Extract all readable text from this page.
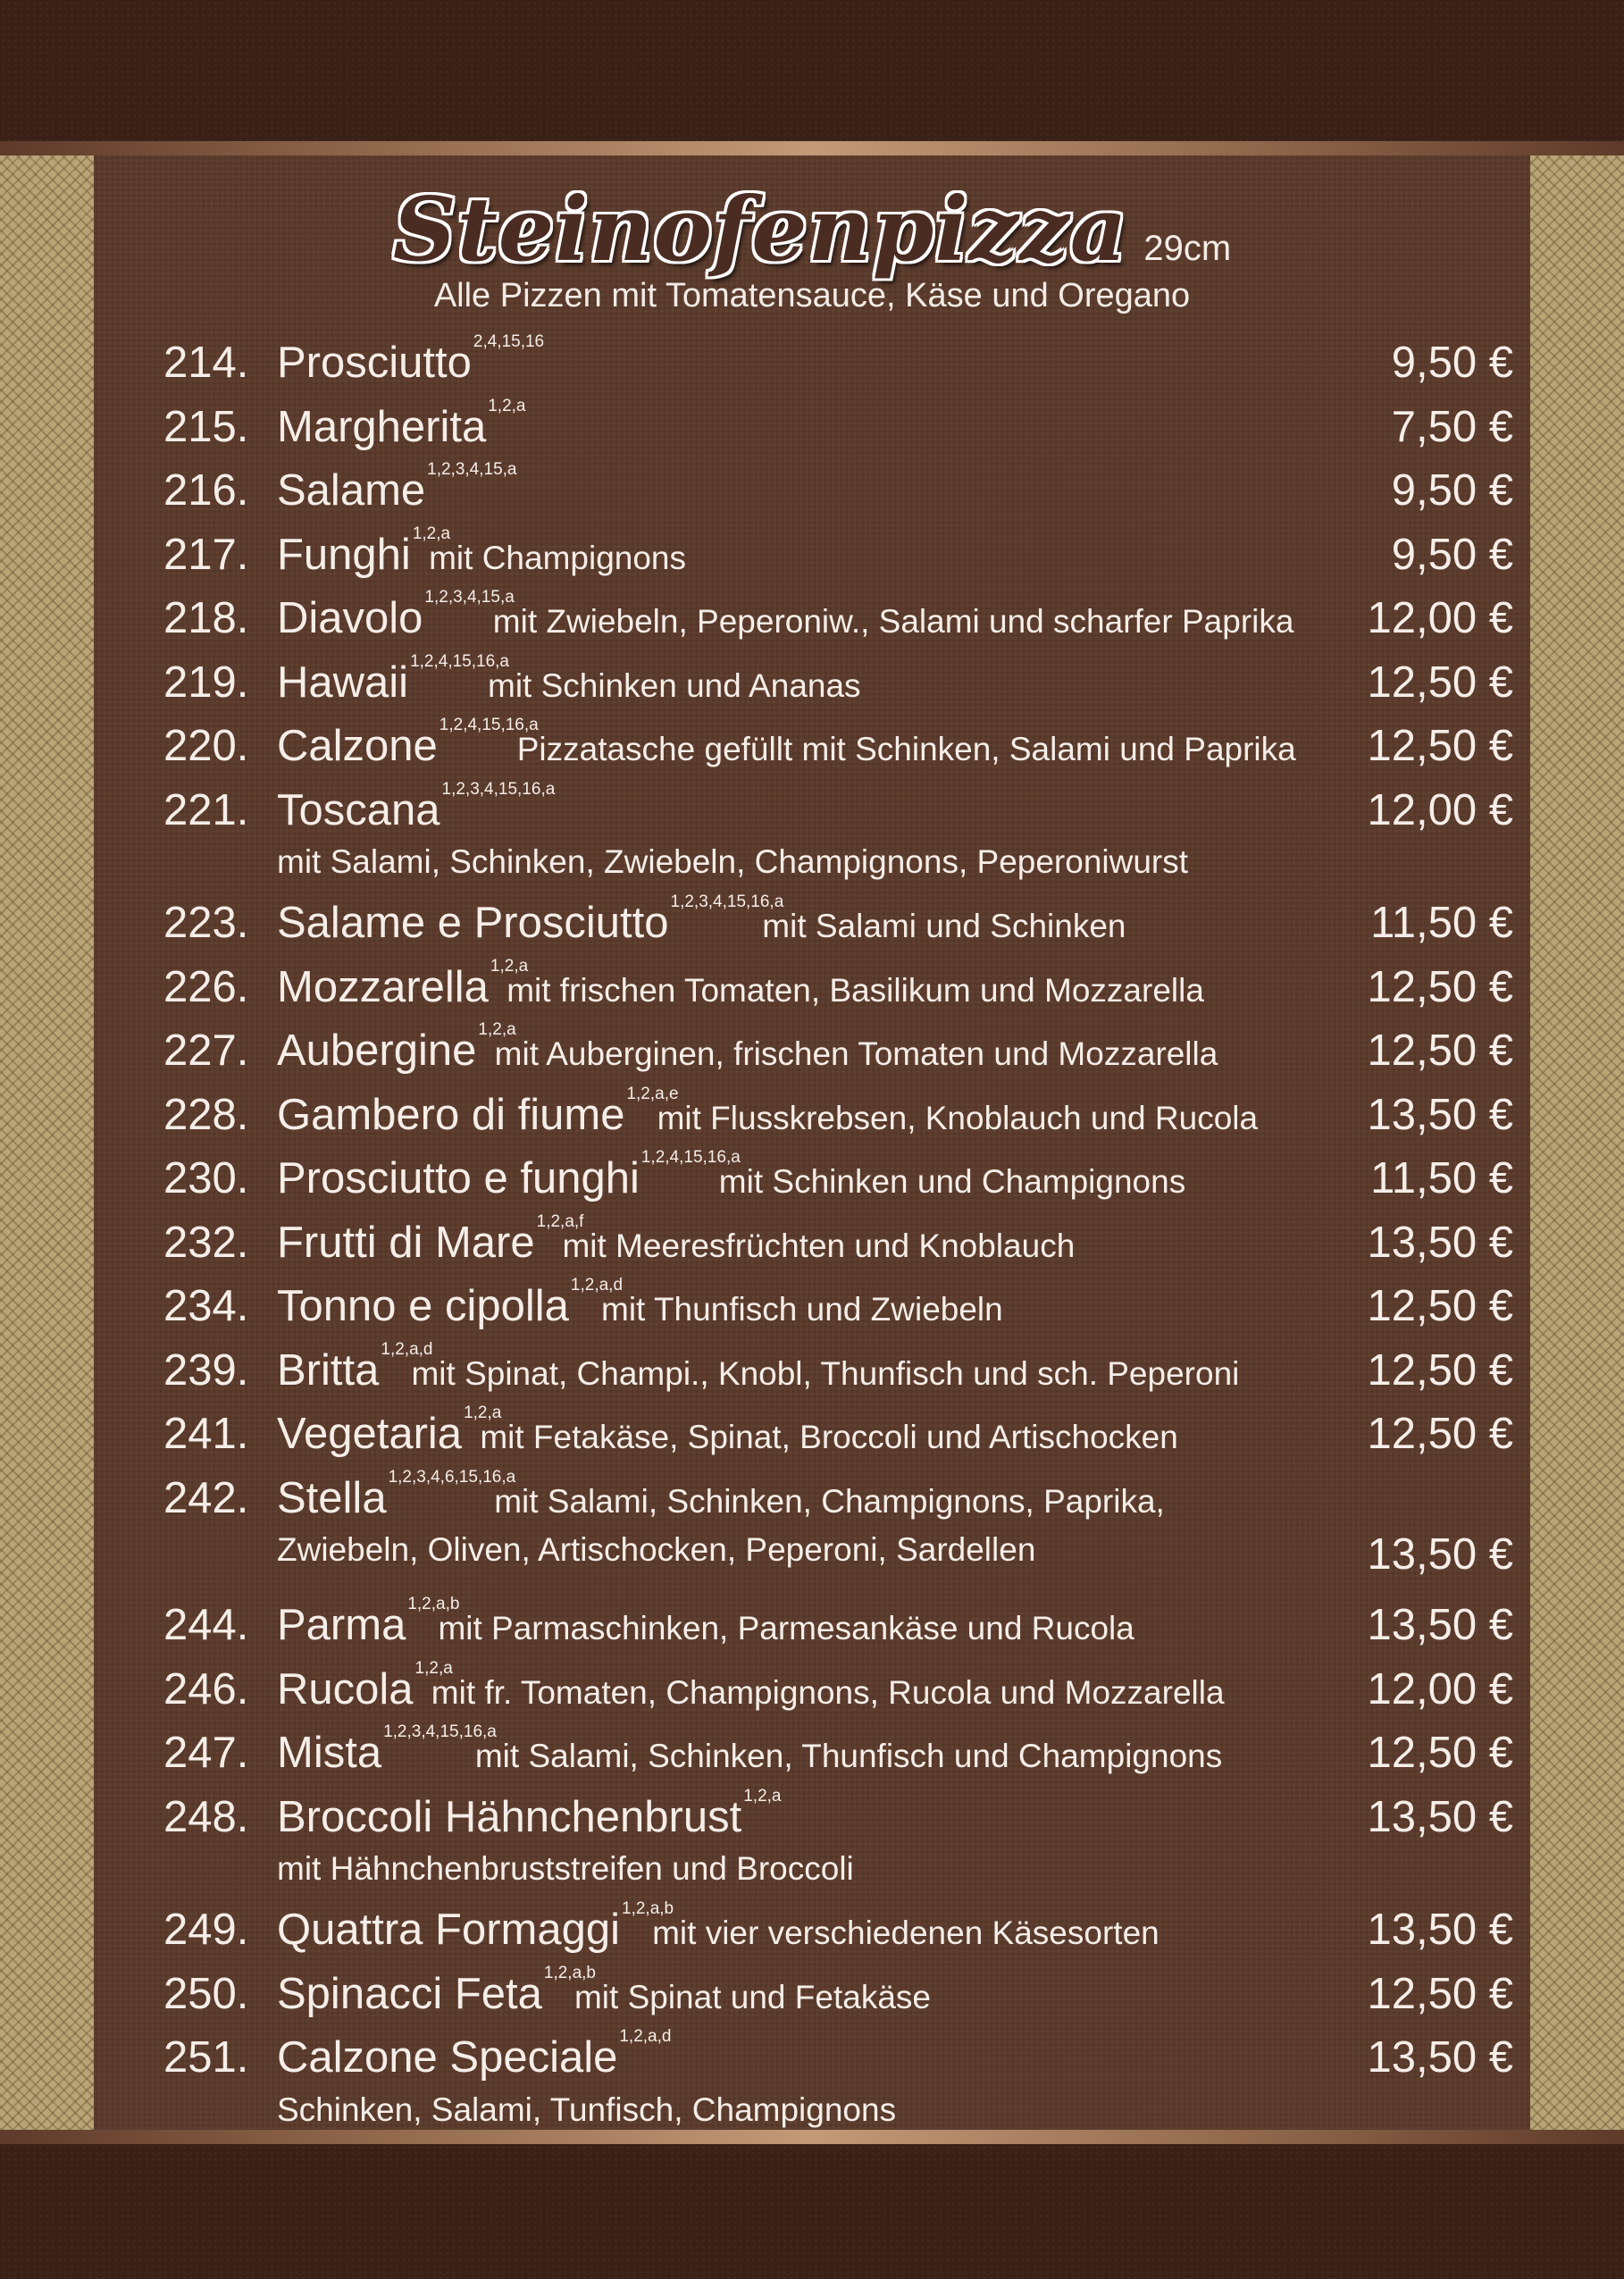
Steinofenpizza 29cm
Alle Pizzen mit Tomatensauce, Käse und Oregano
214. Prosciutto 2,4,15,16	9,50 €
215. Margherita 1,2,a	7,50 €
216. Salame 1,2,3,4,15,a	9,50 €
217. Funghi 1,2,amit Champignons	9,50 €
218. Diavolo 1,2,3,4,15,amit Zwiebeln, Peperoniw., Salami und scharfer Paprika 12,00 €
219. Hawaii 1,2,4,15,16,amit Schinken und Ananas	12,50 €
220. Calzone 1,2,4,15,16,aPizzatasche gefüllt mit Schinken, Salami und Paprika 12,50 €
221. Toscana 1,2,3,4,15,16,a	12,00 €
mit Salami, Schinken, Zwiebeln, Champignons, Peperoniwurst
223. Salame e Prosciutto 1,2,3,4,15,16,amit Salami und Schinken	11,50 €
226. Mozzarella 1,2,amit frischen Tomaten, Basilikum und Mozzarella	12,50 €
227. Aubergine 1,2,amit Auberginen, frischen Tomaten und Mozzarella	12,50 €
228. Gambero di fiume 1,2,a,emit Flusskrebsen, Knoblauch und Rucola 13,50 €
230. Prosciutto e funghi 1,2,4,15,16,amit Schinken und Champignons	11,50 €
232. Frutti di Mare 1,2,a,fmit Meeresfrüchten und Knoblauch	13,50 €
234. Tonno e cipolla 1,2,a,dmit Thunfisch und Zwiebeln	12,50 €
239. Britta 1,2,a,dmit Spinat, Champi., Knobl, Thunfisch und sch. Peperoni	12,50 €
241. Vegetaria 1,2,amit Fetakäse, Spinat, Broccoli und Artischocken	12,50 €
242. Stella 1,2,3,4,6,15,16,amit Salami, Schinken, Champignons, Paprika,
Zwiebeln, Oliven, Artischocken, Peperoni, Sardellen	13,50 €
244. Parma 1,2,a,bmit Parmaschinken, Parmesankäse und Rucola	13,50 €
246. Rucola 1,2,amit fr. Tomaten, Champignons, Rucola und Mozzarella	12,00 €
247. Mista 1,2,3,4,15,16,amit Salami, Schinken, Thunfisch und Champignons	12,50 €
248. Broccoli Hähnchenbrust 1,2,a	13,50 €
mit Hähnchenbruststreifen und Broccoli
249. Quattra Formaggi 1,2,a,bmit vier verschiedenen Käsesorten	13,50 €
250. Spinacci Feta 1,2,a,bmit Spinat und Fetakäse	12,50 €
251. Calzone Speciale 1,2,a,d	13,50 €
Schinken, Salami, Tunfisch, Champignons
